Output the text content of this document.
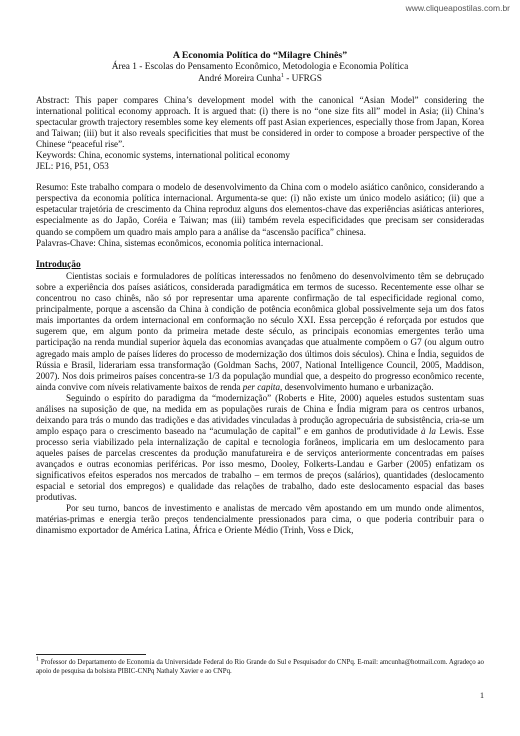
www.cliqueapostilas.com.br
A Economia Política do “Milagre Chinês”
Área 1 - Escolas do Pensamento Econômico, Metodologia e Economia Política
André Moreira Cunha$^1$ - UFRGS

Abstract: This paper compares China’s development model with the canonical “Asian Model” considering the international political economy approach. It is argued that: (i) there is no “one size fits all” model in Asia; (ii) China’s spectacular growth trajectory resembles some key elements off past Asian experiences, especially those from Japan, Korea and Taiwan; (iii) but it also reveals specificities that must be considered in order to compose a broader perspective of the Chinese “peaceful rise”.

Keywords: China, economic systems, international political economy

JEL: P16, P51, O53

Resumo: Este trabalho compara o modelo de desenvolvimento da China com o modelo asiático canônico, considerando a perspectiva da economia política internacional. Argumenta-se que: (i) não existe um único modelo asiático; (ii) que a espetacular trajetória de crescimento da China reproduz alguns dos elementos-chave das experiências asiáticas anteriores, especialmente as do Japão, Coréia e Taiwan; mas (iii) também revela especificidades que precisam ser consideradas quando se compõem um quadro mais amplo para a análise da “ascensão pacífica” chinesa.

Palavras-Chave: China, sistemas econômicos, economia política internacional.

Introdução

Cientistas sociais e formuladores de políticas interessados no fenômeno do desenvolvimento têm se debruçado sobre a experiência dos países asiáticos, considerada paradigmática em termos de sucesso. Recentemente esse olhar se concentrou no caso chinês, não só por representar uma aparente confirmação de tal especificidade regional como, principalmente, porque a ascensão da China à condição de potência econômica global possivelmente seja um dos fatos mais importantes da ordem internacional em conformação no século XXI. Essa percepção é reforçada por estudos que sugerem que, em algum ponto da primeira metade deste século, as principais economias emergentes terão uma participação na renda mundial superior àquela das economias avançadas que atualmente compõem o G7 (ou algum outro agregado mais amplo de países líderes do processo de modernização dos últimos dois séculos). China e Índia, seguidos de Rússia e Brasil, liderariam essa transformação (Goldman Sachs, 2007, National Intelligence Council, 2005, Maddison, 2007). Nos dois primeiros países concentra-se 1/3 da população mundial que, a despeito do progresso econômico recente, ainda convive com níveis relativamente baixos de renda per capita, desenvolvimento humano e urbanização.

Seguindo o espírito do paradigma da “modernização” (Roberts e Hite, 2000) aqueles estudos sustentam suas análises na suposição de que, na medida em as populações rurais de China e Índia migram para os centros urbanos, deixando para trás o mundo das tradições e das atividades vinculadas à produção agropecuária de subsistência, cria-se um amplo espaço para o crescimento baseado na “acumulação de capital” e em ganhos de produtividade à la Lewis. Esse processo seria viabilizado pela internalização de capital e tecnologia forâneos, implicaria em um deslocamento para aqueles países de parcelas crescentes da produção manufatureira e de serviços anteriormente concentradas em países avançados e outras economias periféricas. Por isso mesmo, Dooley, Folkerts-Landau e Garber (2005) enfatizam os significativos efeitos esperados nos mercados de trabalho – em termos de preços (salários), quantidades (deslocamento espacial e setorial dos empregos) e qualidade das relações de trabalho, dado este deslocamento espacial das bases produtivas.

Por seu turno, bancos de investimento e analistas de mercado vêm apostando em um mundo onde alimentos, matérias-primas e energia terão preços tendencialmente pressionados para cima, o que poderia contribuir para o dinamismo exportador de América Latina, África e Oriente Médio (Trinh, Voss e Dick,

$^1$ Professor do Departamento de Economia da Universidade Federal do Rio Grande do Sul e Pesquisador do CNPq. E-mail: amcunha@hotmail.com. Agradeço ao apoio de pesquisa da bolsista PIBIC-CNPq Nathaly Xavier e ao CNPq.
1
